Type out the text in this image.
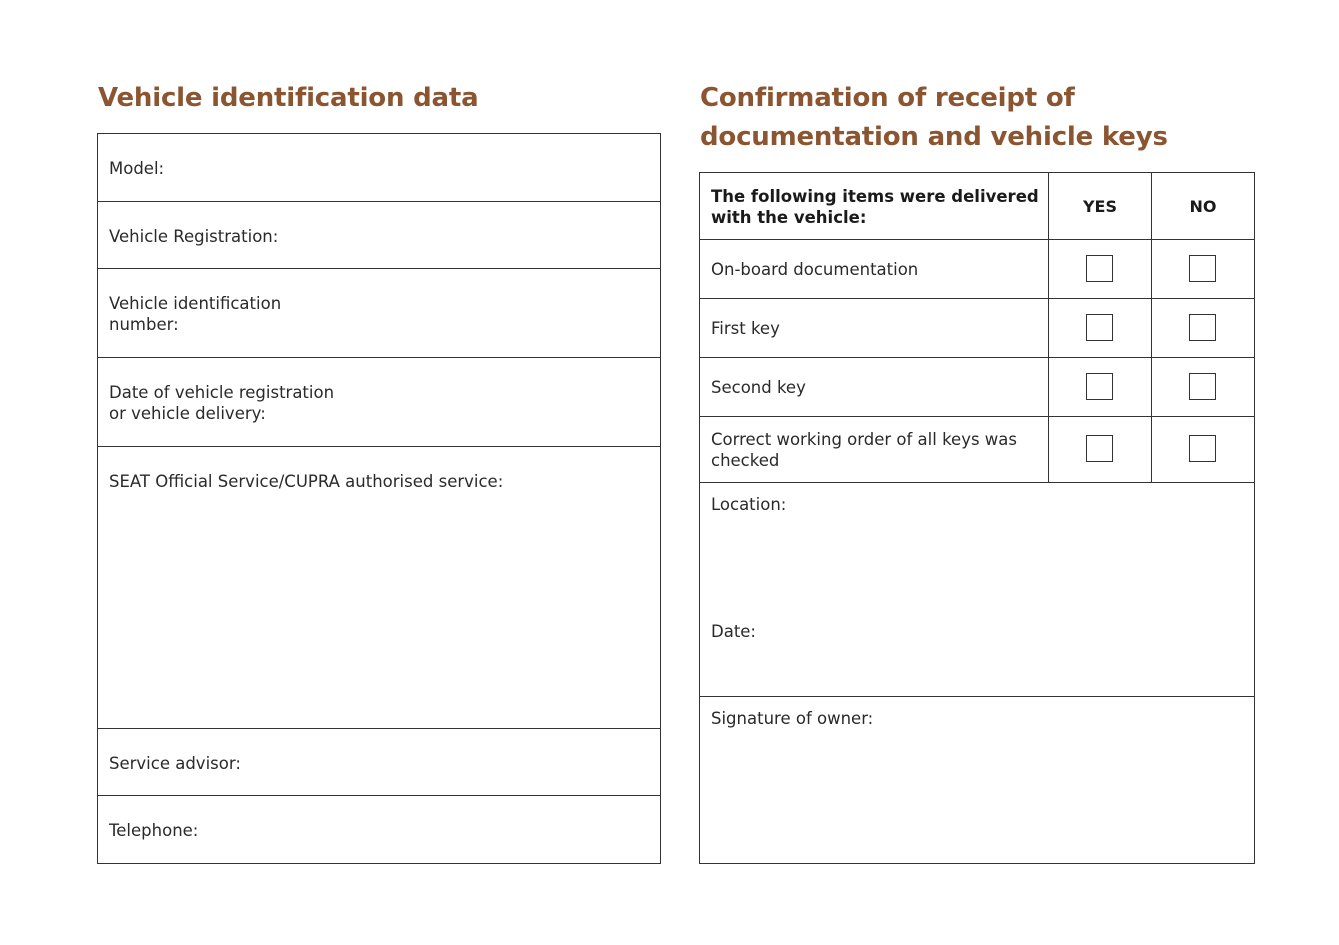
Vehicle identification data	Confirmation of receipt of
documentation and vehicle keys

Model:

Vehicle Registration:

Vehicle identification
number:

Date of vehicle registration
or vehicle delivery:

SEAT Official Service/CUPRA authorised service:

Service advisor:

Telephone:

The following items were delivered
with the vehicle:

YES	NO

On-board documentation

First key

Second key

Correct working order of all keys was
checked

Location:

Date:

Signature of owner:
